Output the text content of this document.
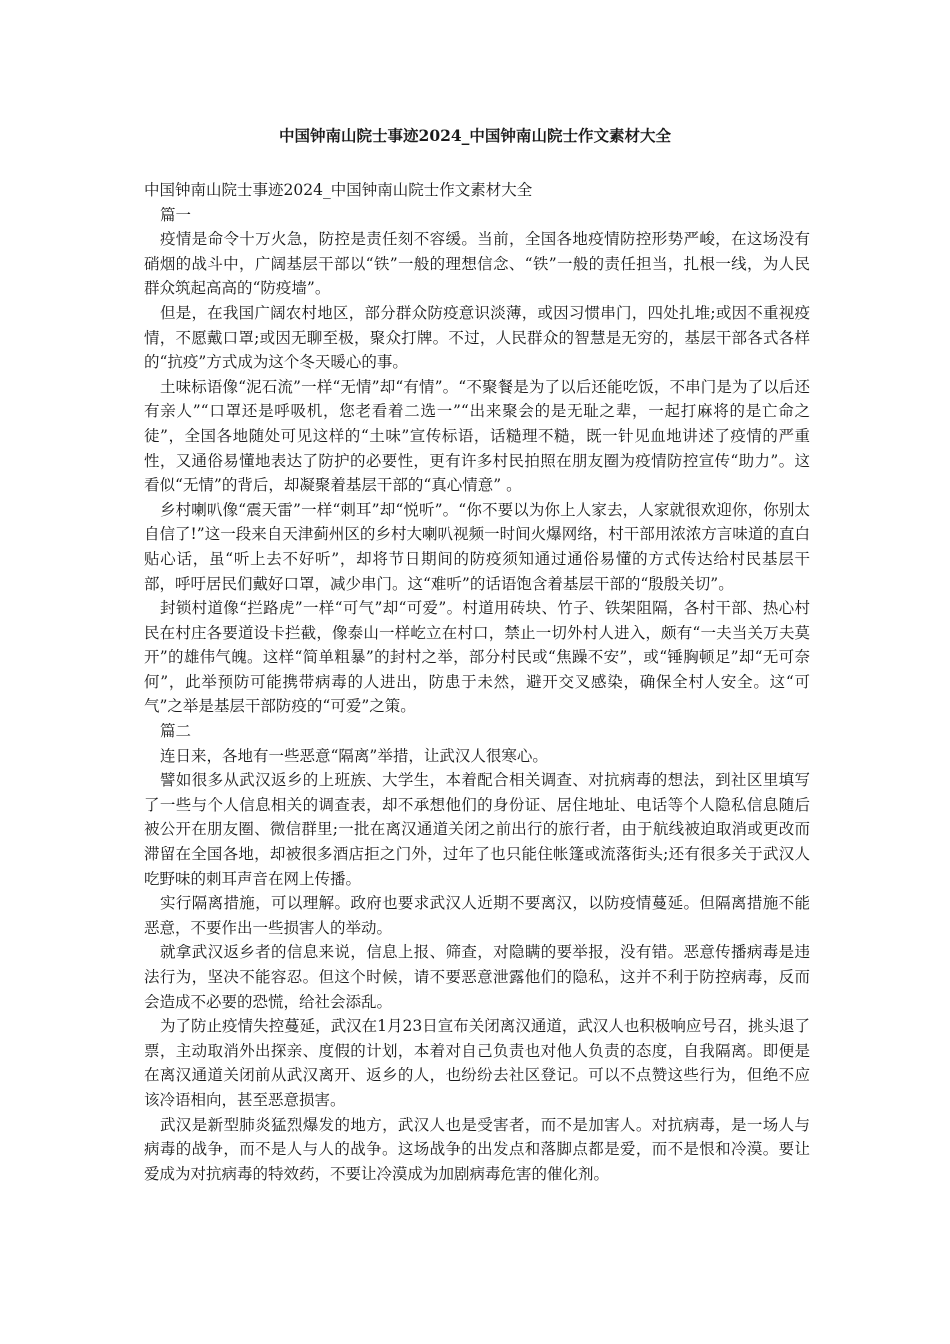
中国钟南山院士事迹2024_中国钟南山院士作文素材大全

中国钟南山院士事迹2024_中国钟南山院士作文素材大全

篇一

疫情是命令十万火急，防控是责任刻不容缓。当前，全国各地疫情防控形势严峻，在这场没有硝烟的战斗中，广阔基层干部以“铁”一般的理想信念、“铁”一般的责任担当，扎根一线，为人民群众筑起高高的“防疫墙”。

但是，在我国广阔农村地区，部分群众防疫意识淡薄，或因习惯串门，四处扎堆;或因不重视疫情，不愿戴口罩;或因无聊至极，聚众打牌。不过，人民群众的智慧是无穷的，基层干部各式各样的“抗疫”方式成为这个冬天暖心的事。

土味标语像“泥石流”一样“无情”却“有情”。“不聚餐是为了以后还能吃饭，不串门是为了以后还有亲人”“口罩还是呼吸机，您老看着二选一”“出来聚会的是无耻之辈，一起打麻将的是亡命之徒”，全国各地随处可见这样的“土味”宣传标语，话糙理不糙，既一针见血地讲述了疫情的严重性，又通俗易懂地表达了防护的必要性，更有许多村民拍照在朋友圈为疫情防控宣传“助力”。这看似“无情”的背后，却凝聚着基层干部的“真心情意” 。

乡村喇叭像“震天雷”一样“刺耳”却“悦听”。“你不要以为你上人家去，人家就很欢迎你，你别太自信了!”这一段来自天津蓟州区的乡村大喇叭视频一时间火爆网络，村干部用浓浓方言味道的直白贴心话，虽“听上去不好听”，却将节日期间的防疫须知通过通俗易懂的方式传达给村民基层干部，呼吁居民们戴好口罩，减少串门。这“难听”的话语饱含着基层干部的“殷殷关切”。

封锁村道像“拦路虎”一样“可气”却“可爱”。村道用砖块、竹子、铁架阻隔，各村干部、热心村民在村庄各要道设卡拦截，像泰山一样屹立在村口，禁止一切外村人进入，颇有“一夫当关万夫莫开”的雄伟气魄。这样“简单粗暴”的封村之举，部分村民或“焦躁不安”，或“锤胸顿足”却“无可奈何”，此举预防可能携带病毒的人进出，防患于未然，避开交叉感染，确保全村人安全。这“可气”之举是基层干部防疫的“可爱”之策。

篇二

连日来，各地有一些恶意“隔离”举措，让武汉人很寒心。

譬如很多从武汉返乡的上班族、大学生，本着配合相关调查、对抗病毒的想法，到社区里填写了一些与个人信息相关的调查表，却不承想他们的身份证、居住地址、电话等个人隐私信息随后被公开在朋友圈、微信群里;一批在离汉通道关闭之前出行的旅行者，由于航线被迫取消或更改而滞留在全国各地，却被很多酒店拒之门外，过年了也只能住帐篷或流落街头;还有很多关于武汉人吃野味的刺耳声音在网上传播。

实行隔离措施，可以理解。政府也要求武汉人近期不要离汉，以防疫情蔓延。但隔离措施不能恶意，不要作出一些损害人的举动。

就拿武汉返乡者的信息来说，信息上报、筛查，对隐瞒的要举报，没有错。恶意传播病毒是违法行为，坚决不能容忍。但这个时候，请不要恶意泄露他们的隐私，这并不利于防控病毒，反而会造成不必要的恐慌，给社会添乱。

为了防止疫情失控蔓延，武汉在1月23日宣布关闭离汉通道，武汉人也积极响应号召，挑头退了票，主动取消外出探亲、度假的计划，本着对自己负责也对他人负责的态度，自我隔离。即便是在离汉通道关闭前从武汉离开、返乡的人，也纷纷去社区登记。可以不点赞这些行为，但绝不应该冷语相向，甚至恶意损害。

武汉是新型肺炎猛烈爆发的地方，武汉人也是受害者，而不是加害人。对抗病毒，是一场人与病毒的战争，而不是人与人的战争。这场战争的出发点和落脚点都是爱，而不是恨和冷漠。要让爱成为对抗病毒的特效药，不要让冷漠成为加剧病毒危害的催化剂。
